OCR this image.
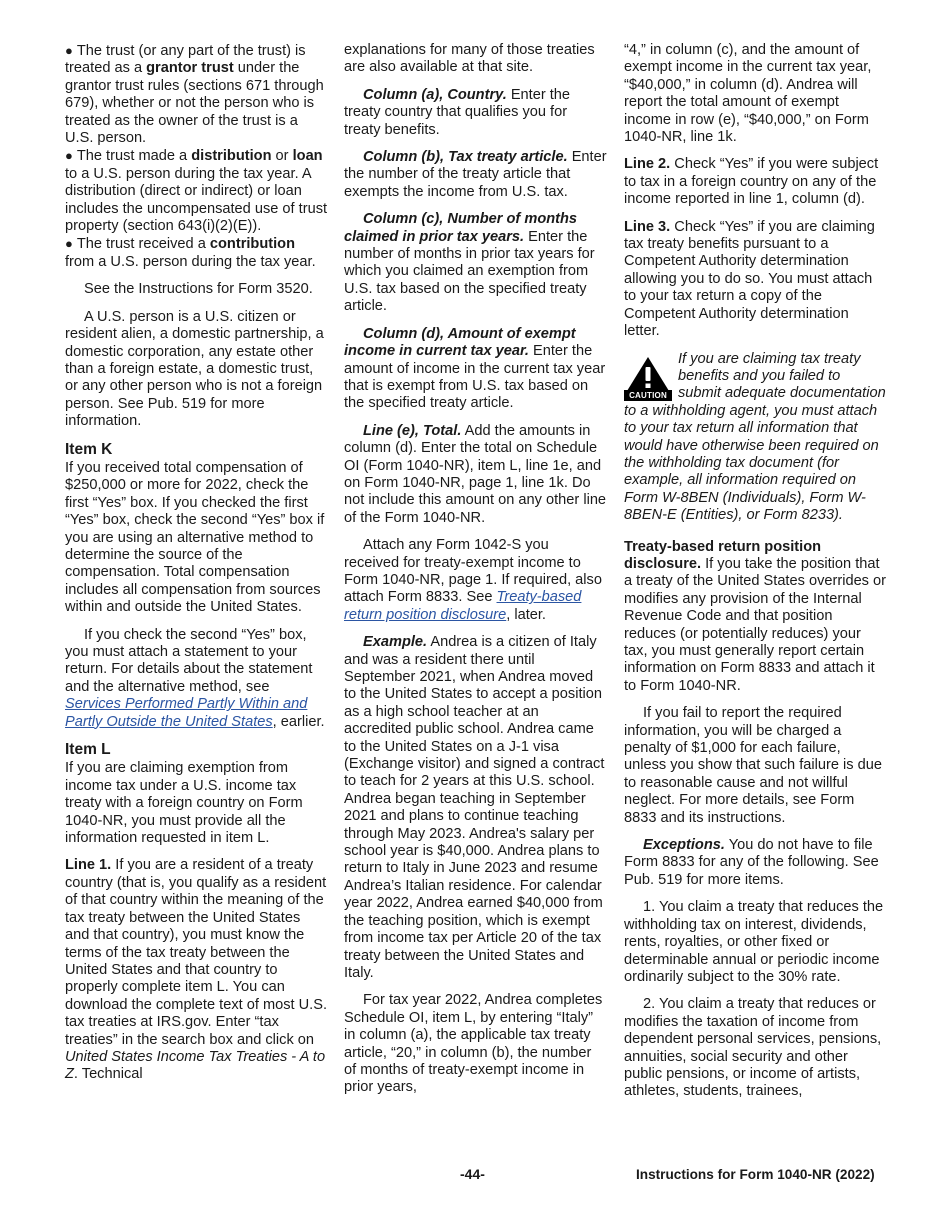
● The trust (or any part of the trust) is treated as a grantor trust under the grantor trust rules (sections 671 through 679), whether or not the person who is treated as the owner of the trust is a U.S. person.

● The trust made a distribution or loan to a U.S. person during the tax year. A distribution (direct or indirect) or loan includes the uncompensated use of trust property (section 643(i)(2)(E)).

● The trust received a contribution from a U.S. person during the tax year.

See the Instructions for Form 3520.

A U.S. person is a U.S. citizen or resident alien, a domestic partnership, a domestic corporation, any estate other than a foreign estate, a domestic trust, or any other person who is not a foreign person. See Pub. 519 for more information.

Item K

If you received total compensation of $250,000 or more for 2022, check the first “Yes” box. If you checked the first “Yes” box, check the second “Yes” box if you are using an alternative method to determine the source of the compensation. Total compensation includes all compensation from sources within and outside the United States.

If you check the second “Yes” box, you must attach a statement to your return. For details about the statement and the alternative method, see Services Performed Partly Within and Partly Outside the United States, earlier.

Item L

If you are claiming exemption from income tax under a U.S. income tax treaty with a foreign country on Form 1040-NR, you must provide all the information requested in item L.

Line 1. If you are a resident of a treaty country (that is, you qualify as a resident of that country within the meaning of the tax treaty between the United States and that country), you must know the terms of the tax treaty between the United States and that country to properly complete item L. You can download the complete text of most U.S. tax treaties at IRS.gov. Enter “tax treaties” in the search box and click on United States Income Tax Treaties - A to Z. Technical

explanations for many of those treaties are also available at that site.

Column (a), Country. Enter the treaty country that qualifies you for treaty benefits.

Column (b), Tax treaty article. Enter the number of the treaty article that exempts the income from U.S. tax.

Column (c), Number of months claimed in prior tax years. Enter the number of months in prior tax years for which you claimed an exemption from U.S. tax based on the specified treaty article.

Column (d), Amount of exempt income in current tax year. Enter the amount of income in the current tax year that is exempt from U.S. tax based on the specified treaty article.

Line (e), Total. Add the amounts in column (d). Enter the total on Schedule OI (Form 1040-NR), item L, line 1e, and on Form 1040-NR, page 1, line 1k. Do not include this amount on any other line of the Form 1040-NR.

Attach any Form 1042-S you received for treaty-exempt income to Form 1040-NR, page 1. If required, also attach Form 8833. See Treaty-based return position disclosure, later.

Example. Andrea is a citizen of Italy and was a resident there until September 2021, when Andrea moved to the United States to accept a position as a high school teacher at an accredited public school. Andrea came to the United States on a J-1 visa (Exchange visitor) and signed a contract to teach for 2 years at this U.S. school. Andrea began teaching in September 2021 and plans to continue teaching through May 2023. Andrea's salary per school year is $40,000. Andrea plans to return to Italy in June 2023 and resume Andrea’s Italian residence. For calendar year 2022, Andrea earned $40,000 from the teaching position, which is exempt from income tax per Article 20 of the tax treaty between the United States and Italy.

For tax year 2022, Andrea completes Schedule OI, item L, by entering “Italy” in column (a), the applicable tax treaty article, “20,” in column (b), the number of months of treaty-exempt income in prior years,

“4,” in column (c), and the amount of exempt income in the current tax year, “$40,000,” in column (d). Andrea will report the total amount of exempt income in row (e), “$40,000,” on Form 1040-NR, line 1k.

Line 2. Check “Yes” if you were subject to tax in a foreign country on any of the income reported in line 1, column (d).

Line 3. Check “Yes” if you are claiming tax treaty benefits pursuant to a Competent Authority determination allowing you to do so. You must attach to your tax return a copy of the Competent Authority determination letter.

CAUTION
If you are claiming tax treaty benefits and you failed to submit adequate documentation to a withholding agent, you must attach to your tax return all information that would have otherwise been required on the withholding tax document (for example, all information required on Form W-8BEN (Individuals), Form W-8BEN-E (Entities), or Form 8233).

Treaty-based return position disclosure. If you take the position that a treaty of the United States overrides or modifies any provision of the Internal Revenue Code and that position reduces (or potentially reduces) your tax, you must generally report certain information on Form 8833 and attach it to Form 1040-NR.

If you fail to report the required information, you will be charged a penalty of $1,000 for each failure, unless you show that such failure is due to reasonable cause and not willful neglect. For more details, see Form 8833 and its instructions.

Exceptions. You do not have to file Form 8833 for any of the following. See Pub. 519 for more items.

1. You claim a treaty that reduces the withholding tax on interest, dividends, rents, royalties, or other fixed or determinable annual or periodic income ordinarily subject to the 30% rate.

2. You claim a treaty that reduces or modifies the taxation of income from dependent personal services, pensions, annuities, social security and other public pensions, or income of artists, athletes, students, trainees,

-44-	Instructions for Form 1040-NR (2022)
